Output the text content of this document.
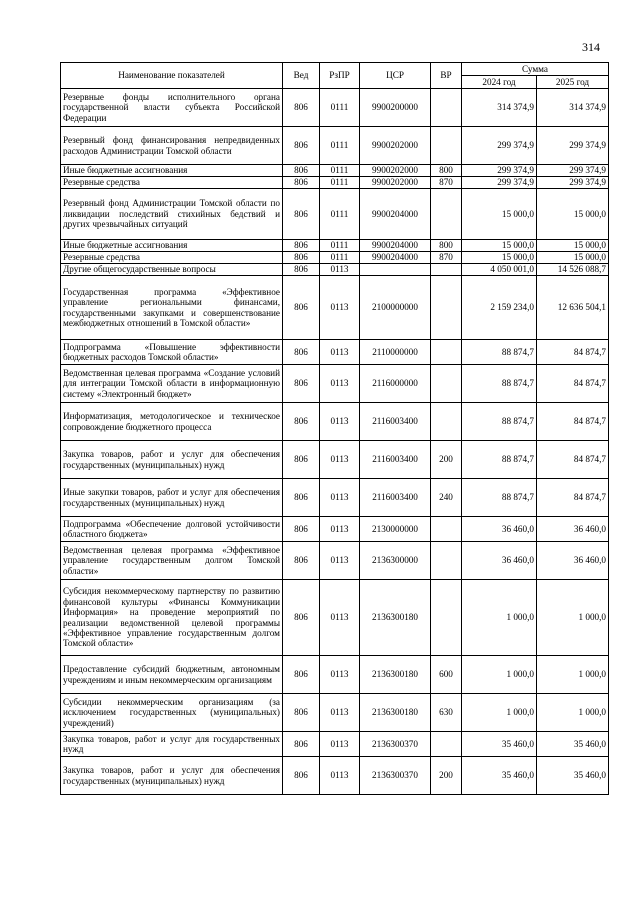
314
Наименование показателей	Вед	РзПР	ЦСР	ВР	Сумма	
					2024 год	2025 год
Резервные фонды исполнительного органа государственной власти субъекта Российской Федерации	806	0111	9900200000		314 374,9	314 374,9
Резервный фонд финансирования непредвиденных расходов Администрации Томской области	806	0111	9900202000		299 374,9	299 374,9
Иные бюджетные ассигнования	806	0111	9900202000	800	299 374,9	299 374,9
Резервные средства	806	0111	9900202000	870	299 374,9	299 374,9
Резервный фонд Администрации Томской области по ликвидации последствий стихийных бедствий и других чрезвычайных ситуаций	806	0111	9900204000		15 000,0	15 000,0
Иные бюджетные ассигнования	806	0111	9900204000	800	15 000,0	15 000,0
Резервные средства	806	0111	9900204000	870	15 000,0	15 000,0
Другие общегосударственные вопросы	806	0113			4 050 001,0	14 526 088,7
Государственная программа «Эффективное управление региональными финансами, государственными закупками и совершенствование межбюджетных отношений в Томской области»	806	0113	2100000000		2 159 234,0	12 636 504,1
Подпрограмма «Повышение эффективности бюджетных расходов Томской области»	806	0113	2110000000		88 874,7	84 874,7
Ведомственная целевая программа «Создание условий для интеграции Томской области в информационную систему «Электронный бюджет»	806	0113	2116000000		88 874,7	84 874,7
Информатизация, методологическое и техническое сопровождение бюджетного процесса	806	0113	2116003400		88 874,7	84 874,7
Закупка товаров, работ и услуг для обеспечения государственных (муниципальных) нужд	806	0113	2116003400	200	88 874,7	84 874,7
Иные закупки товаров, работ и услуг для обеспечения государственных (муниципальных) нужд	806	0113	2116003400	240	88 874,7	84 874,7
Подпрограмма «Обеспечение долговой устойчивости областного бюджета»	806	0113	2130000000		36 460,0	36 460,0
Ведомственная целевая программа «Эффективное управление государственным долгом Томской области»	806	0113	2136300000		36 460,0	36 460,0
Субсидия некоммерческому партнерству по развитию финансовой культуры «Финансы Коммуникации Информация» на проведение мероприятий по реализации ведомственной целевой программы «Эффективное управление государственным долгом Томской области»	806	0113	2136300180		1 000,0	1 000,0
Предоставление субсидий бюджетным, автономным учреждениям и иным некоммерческим организациям	806	0113	2136300180	600	1 000,0	1 000,0
Субсидии некоммерческим организациям (за исключением государственных (муниципальных) учреждений)	806	0113	2136300180	630	1 000,0	1 000,0
Закупка товаров, работ и услуг для государственных нужд	806	0113	2136300370		35 460,0	35 460,0
Закупка товаров, работ и услуг для обеспечения государственных (муниципальных) нужд	806	0113	2136300370	200	35 460,0	35 460,0
